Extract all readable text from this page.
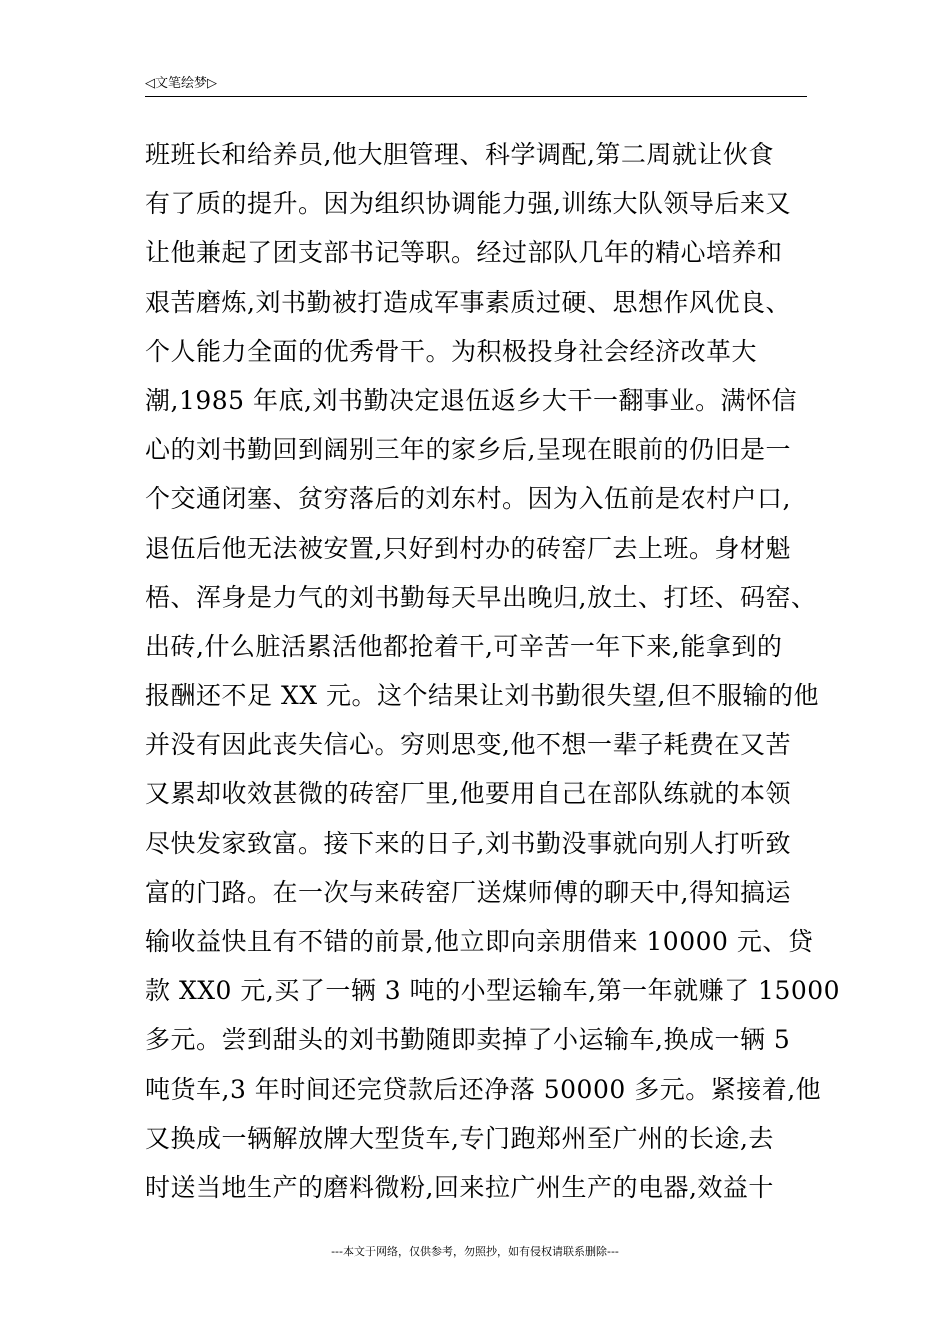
◁文笔绘梦▷
班班长和给养员,他大胆管理、科学调配,第二周就让伙食
有了质的提升。因为组织协调能力强,训练大队领导后来又
让他兼起了团支部书记等职。经过部队几年的精心培养和
艰苦磨炼,刘书勤被打造成军事素质过硬、思想作风优良、
个人能力全面的优秀骨干。为积极投身社会经济改革大
潮,1985 年底,刘书勤决定退伍返乡大干一翻事业。满怀信
心的刘书勤回到阔别三年的家乡后,呈现在眼前的仍旧是一
个交通闭塞、贫穷落后的刘东村。因为入伍前是农村户口,
退伍后他无法被安置,只好到村办的砖窑厂去上班。身材魁
梧、浑身是力气的刘书勤每天早出晚归,放土、打坯、码窑、
出砖,什么脏活累活他都抢着干,可辛苦一年下来,能拿到的
报酬还不足 XX 元。这个结果让刘书勤很失望,但不服输的他
并没有因此丧失信心。穷则思变,他不想一辈子耗费在又苦
又累却收效甚微的砖窑厂里,他要用自己在部队练就的本领
尽快发家致富。接下来的日子,刘书勤没事就向别人打听致
富的门路。在一次与来砖窑厂送煤师傅的聊天中,得知搞运
输收益快且有不错的前景,他立即向亲朋借来 10000 元、贷
款 XX0 元,买了一辆 3 吨的小型运输车,第一年就赚了 15000
多元。尝到甜头的刘书勤随即卖掉了小运输车,换成一辆 5
吨货车,3 年时间还完贷款后还净落 50000 多元。紧接着,他
又换成一辆解放牌大型货车,专门跑郑州至广州的长途,去
时送当地生产的磨料微粉,回来拉广州生产的电器,效益十
---本文于网络，仅供参考，勿照抄，如有侵权请联系删除---
